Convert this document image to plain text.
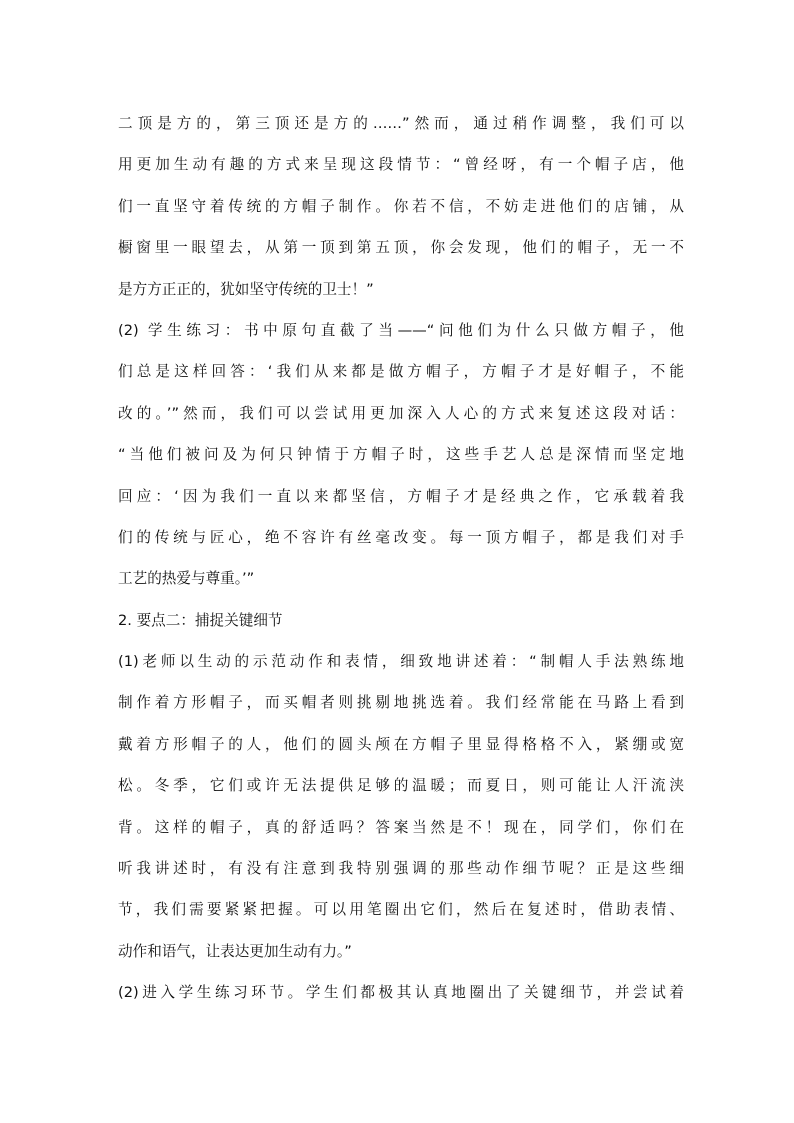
二顶是方的，第三顶还是方的……”然而，通过稍作调整，我们可以
用更加生动有趣的方式来呈现这段情节：“曾经呀，有一个帽子店，他
们一直坚守着传统的方帽子制作。你若不信，不妨走进他们的店铺，从
橱窗里一眼望去，从第一顶到第五顶，你会发现，他们的帽子，无一不
是方方正正的，犹如坚守传统的卫士！”
(2) 学生练习：书中原句直截了当——“问他们为什么只做方帽子，他
们总是这样回答：‘我们从来都是做方帽子，方帽子才是好帽子，不能
改的。’”然而，我们可以尝试用更加深入人心的方式来复述这段对话：
“当他们被问及为何只钟情于方帽子时，这些手艺人总是深情而坚定地
回应：‘因为我们一直以来都坚信，方帽子才是经典之作，它承载着我
们的传统与匠心，绝不容许有丝毫改变。每一顶方帽子，都是我们对手
工艺的热爱与尊重。’”
2. 要点二：捕捉关键细节
(1)老师以生动的示范动作和表情，细致地讲述着：“制帽人手法熟练地
制作着方形帽子，而买帽者则挑剔地挑选着。我们经常能在马路上看到
戴着方形帽子的人，他们的圆头颅在方帽子里显得格格不入，紧绷或宽
松。冬季，它们或许无法提供足够的温暖；而夏日，则可能让人汗流浃
背。这样的帽子，真的舒适吗？答案当然是不！现在，同学们，你们在
听我讲述时，有没有注意到我特别强调的那些动作细节呢？正是这些细
节，我们需要紧紧把握。可以用笔圈出它们，然后在复述时，借助表情、
动作和语气，让表达更加生动有力。”
(2)进入学生练习环节。学生们都极其认真地圈出了关键细节，并尝试着
